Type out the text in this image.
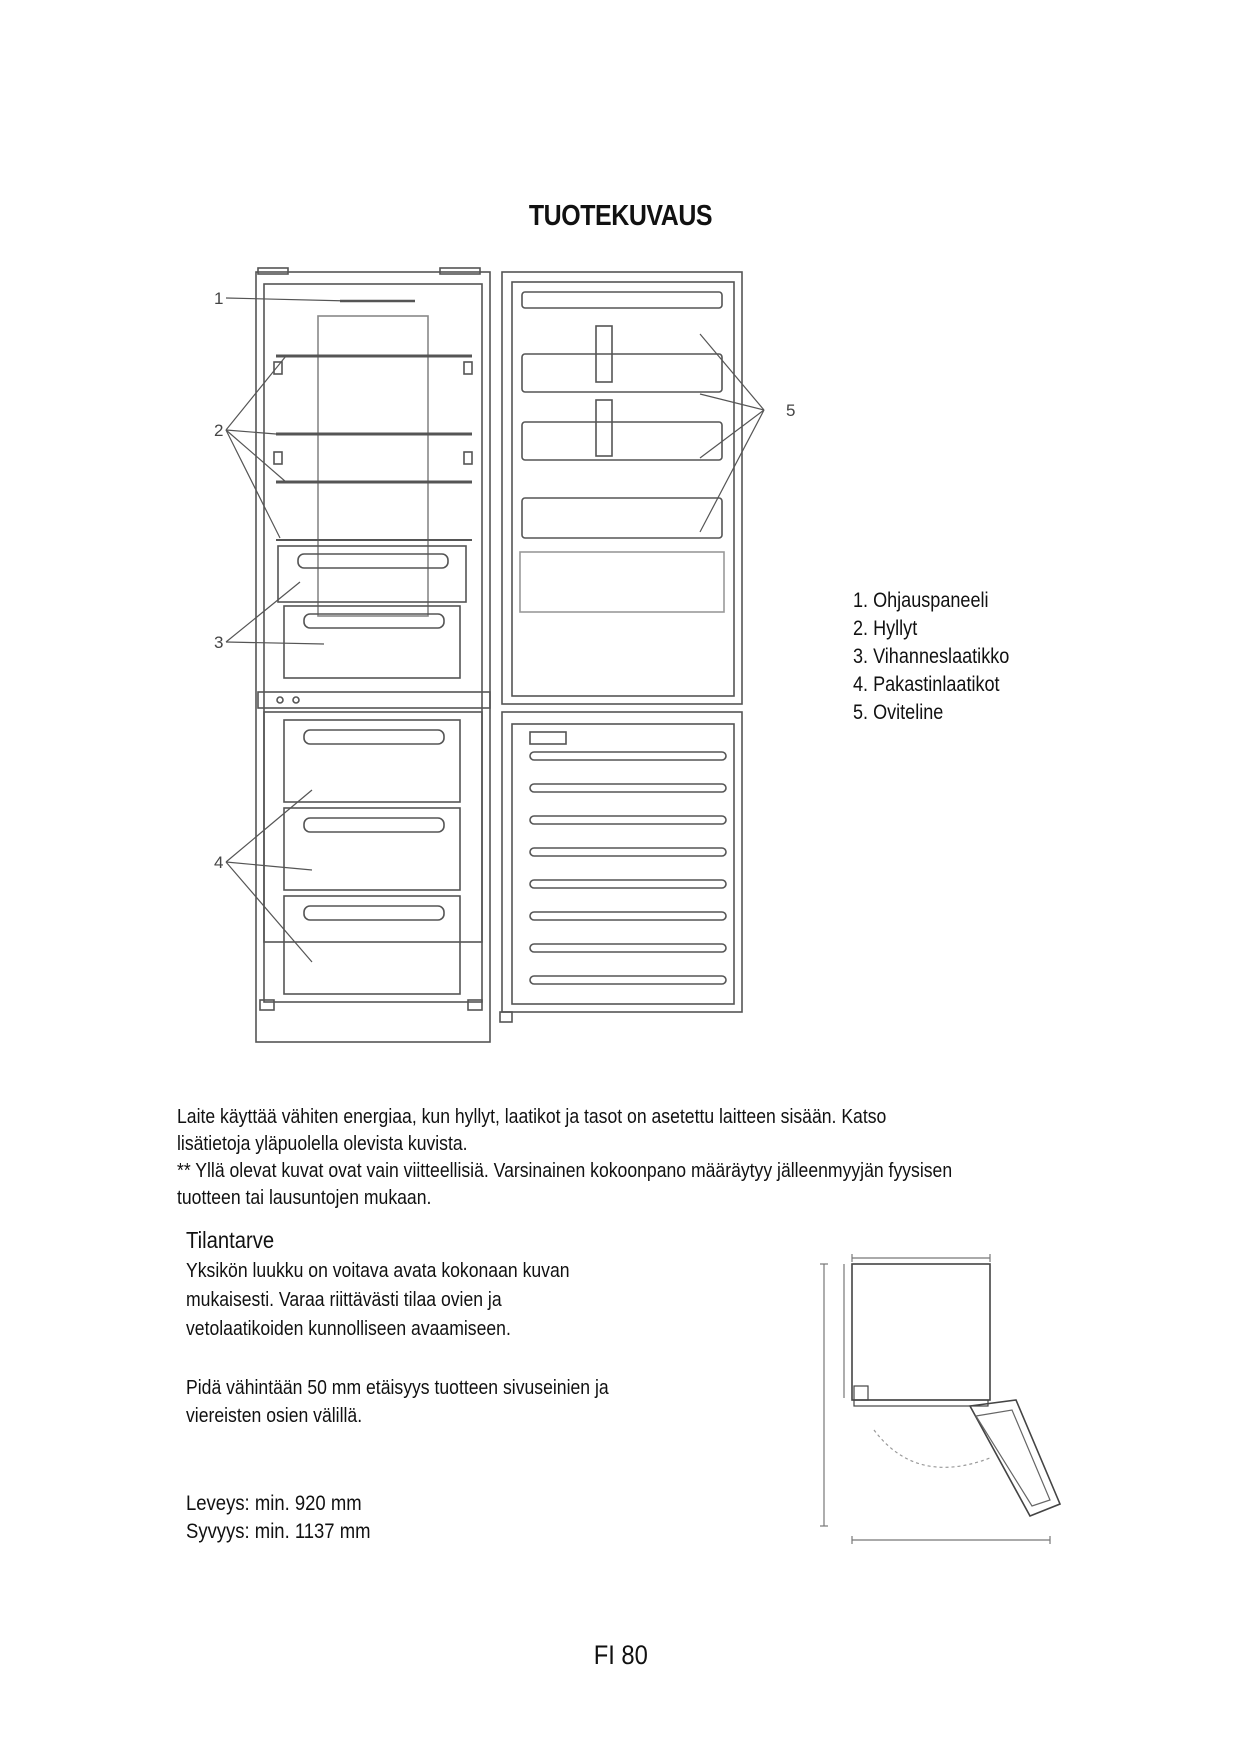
TUOTEKUVAUS
1
2
3
4
5
1. Ohjauspaneeli
2. Hyllyt
3. Vihanneslaatikko
4. Pakastinlaatikot
5. Oviteline
Laite käyttää vähiten energiaa, kun hyllyt, laatikot ja tasot on asetettu laitteen sisään. Katso
lisätietoja yläpuolella olevista kuvista.
** Yllä olevat kuvat ovat vain viitteellisiä. Varsinainen kokoonpano määräytyy jälleenmyyjän fyysisen
tuotteen tai lausuntojen mukaan.
Tilantarve
Yksikön luukku on voitava avata kokonaan kuvan
mukaisesti. Varaa riittävästi tilaa ovien ja
vetolaatikoiden kunnolliseen avaamiseen.
Pidä vähintään 50 mm etäisyys tuotteen sivuseinien ja
viereisten osien välillä.
Leveys: min. 920 mm
Syvyys: min. 1137 mm
FI 80
